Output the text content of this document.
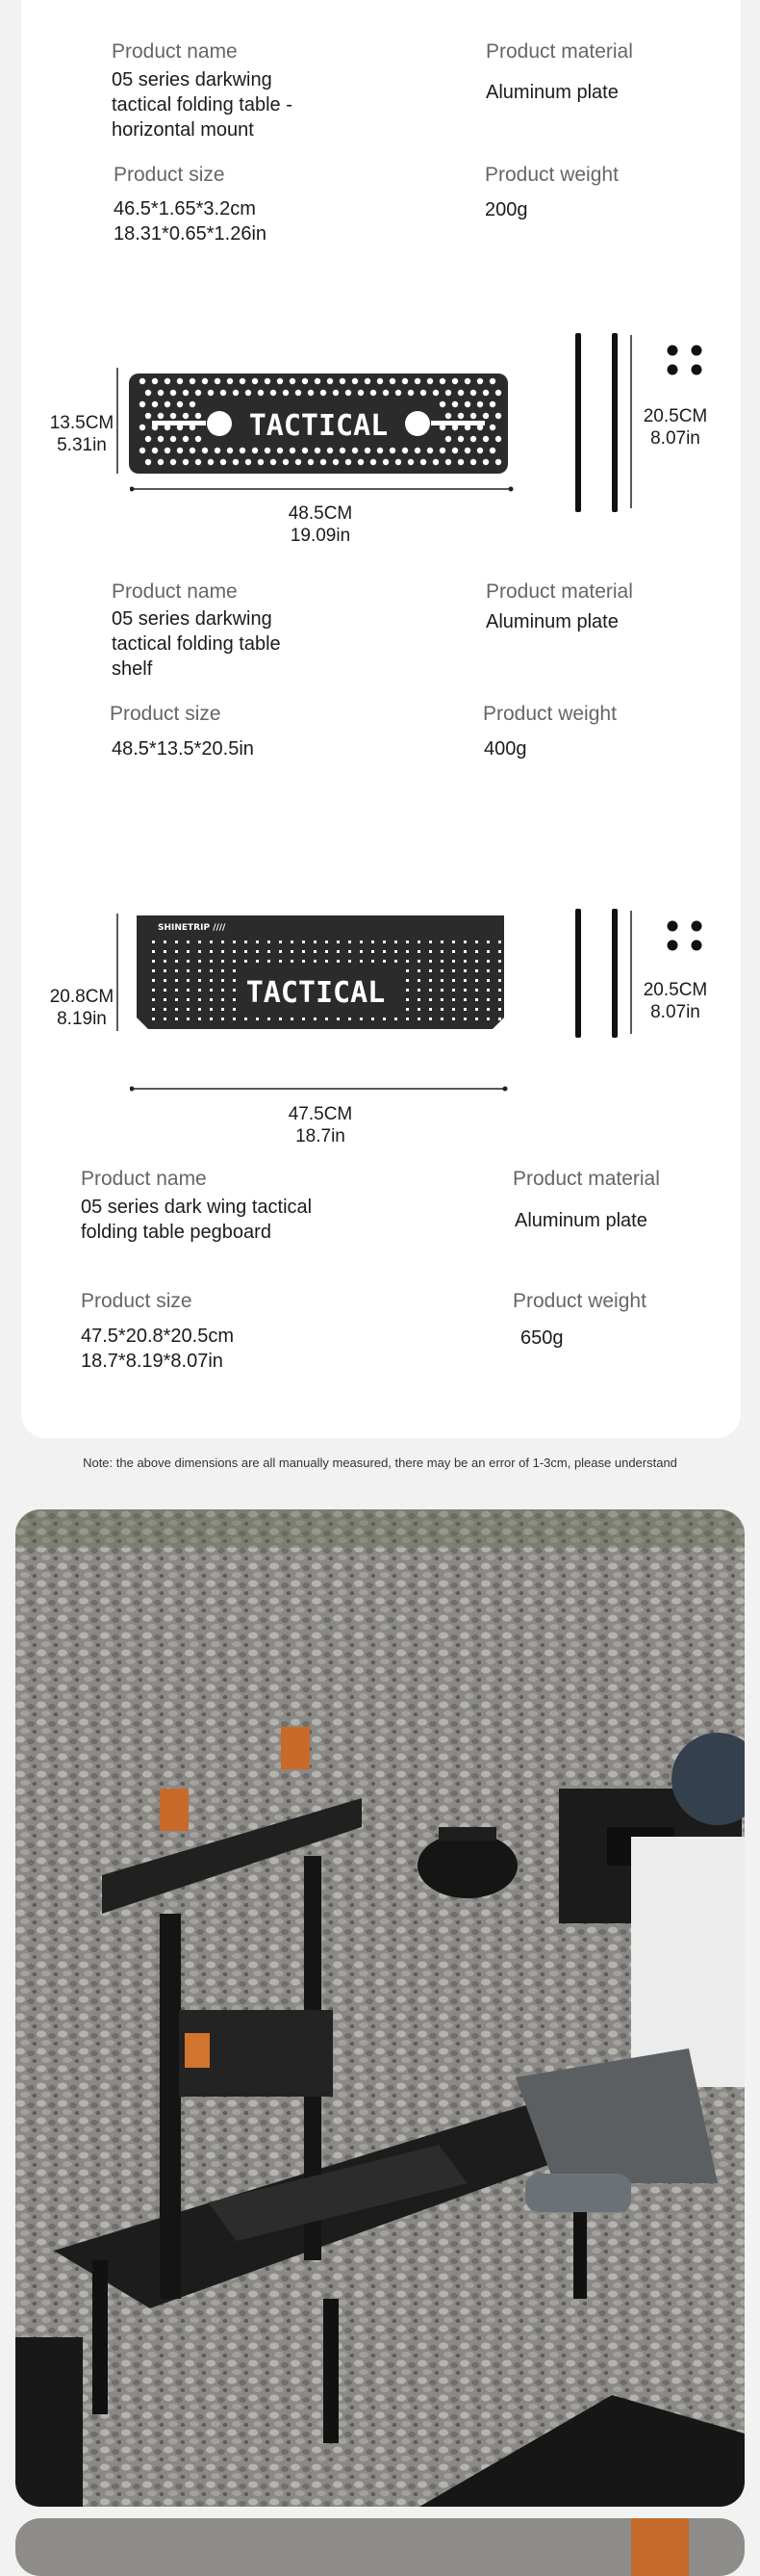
Product name
05 series darkwing
tactical folding table -
horizontal mount
Product material
Aluminum plate
Product size
46.5*1.65*3.2cm
18.31*0.65*1.26in
Product weight
200g
TACTICAL
13.5CM
5.31in
48.5CM
19.09in
20.5CM
8.07in
Product name
05 series darkwing
tactical folding table
shelf
Product material
Aluminum plate
Product size
48.5*13.5*20.5in
Product weight
400g
TACTICAL
SHINETRIP ////
20.8CM
8.19in
47.5CM
18.7in
20.5CM
8.07in
Product name
05 series dark wing tactical
folding table pegboard
Product material
Aluminum plate
Product size
47.5*20.8*20.5cm
18.7*8.19*8.07in
Product weight
650g
Note: the above dimensions are all manually measured, there may be an error of 1-3cm, please understand
